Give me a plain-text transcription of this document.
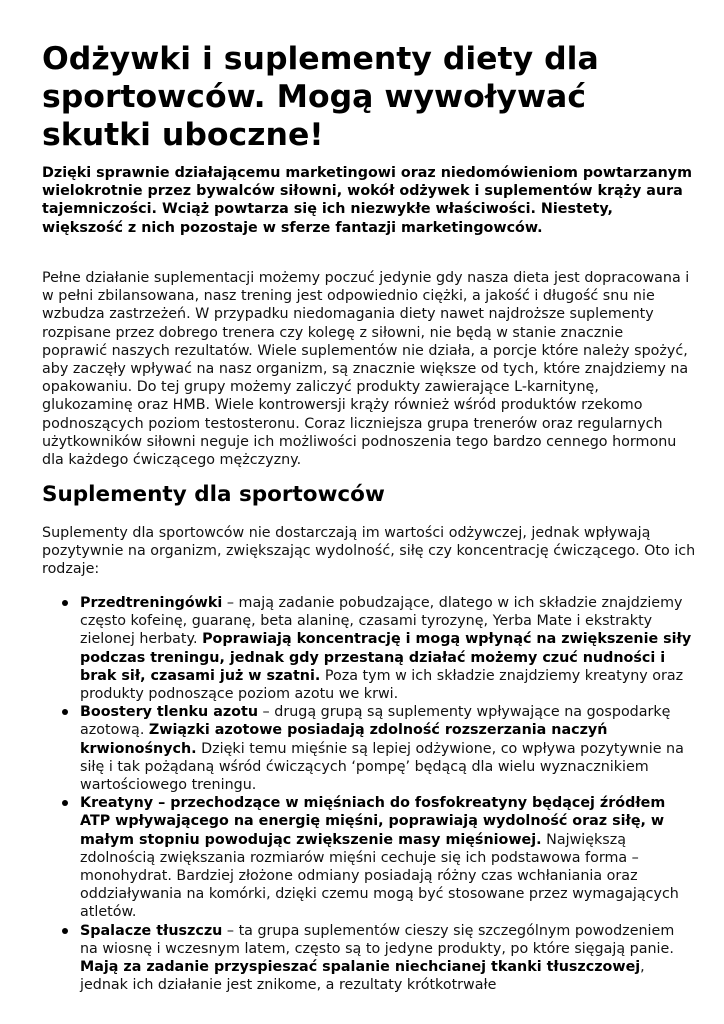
Odżywki i suplementy diety dla sportowców. Mogą wywoływać skutki uboczne!

Dzięki sprawnie działającemu marketingowi oraz niedomówieniom powtarzanym wielokrotnie przez bywalców siłowni, wokół odżywek i suplementów krąży aura tajemniczości. Wciąż powtarza się ich niezwykłe właściwości. Niestety, większość z nich pozostaje w sferze fantazji marketingowców.

Pełne działanie suplementacji możemy poczuć jedynie gdy nasza dieta jest dopracowana i w pełni zbilansowana, nasz trening jest odpowiednio ciężki, a jakość i długość snu nie wzbudza zastrzeżeń. W przypadku niedomagania diety nawet najdroższe suplementy rozpisane przez dobrego trenera czy kolegę z siłowni, nie będą w stanie znacznie poprawić naszych rezultatów. Wiele suplementów nie działa, a porcje które należy spożyć, aby zaczęły wpływać na nasz organizm, są znacznie większe od tych, które znajdziemy na opakowaniu. Do tej grupy możemy zaliczyć produkty zawierające L-karnitynę, glukozaminę oraz HMB. Wiele kontrowersji krąży również wśród produktów rzekomo podnoszących poziom testosteronu. Coraz liczniejsza grupa trenerów oraz regularnych użytkowników siłowni neguje ich możliwości podnoszenia tego bardzo cennego hormonu dla każdego ćwiczącego mężczyzny.

Suplementy dla sportowców

Suplementy dla sportowców nie dostarczają im wartości odżywczej, jednak wpływają pozytywnie na organizm, zwiększając wydolność, siłę czy koncentrację ćwiczącego. Oto ich rodzaje:

Przedtreningówki – mają zadanie pobudzające, dlatego w ich składzie znajdziemy często kofeinę, guaranę, beta alaninę, czasami tyrozynę, Yerba Mate i ekstrakty zielonej herbaty. Poprawiają koncentrację i mogą wpłynąć na zwiększenie siły podczas treningu, jednak gdy przestaną działać możemy czuć nudności i brak sił, czasami już w szatni. Poza tym w ich składzie znajdziemy kreatyny oraz produkty podnoszące poziom azotu we krwi.
Boostery tlenku azotu – drugą grupą są suplementy wpływające na gospodarkę azotową. Związki azotowe posiadają zdolność rozszerzania naczyń krwionośnych. Dzięki temu mięśnie są lepiej odżywione, co wpływa pozytywnie na siłę i tak pożądaną wśród ćwiczących ‘pompę’ będącą dla wielu wyznacznikiem wartościowego treningu.
Kreatyny – przechodzące w mięśniach do fosfokreatyny będącej źródłem ATP wpływającego na energię mięśni, poprawiają wydolność oraz siłę, w małym stopniu powodując zwiększenie masy mięśniowej. Największą zdolnością zwiększania rozmiarów mięśni cechuje się ich podstawowa forma – monohydrat. Bardziej złożone odmiany posiadają różny czas wchłaniania oraz oddziaływania na komórki, dzięki czemu mogą być stosowane przez wymagających atletów.
Spalacze tłuszczu – ta grupa suplementów cieszy się szczególnym powodzeniem na wiosnę i wczesnym latem, często są to jedyne produkty, po które sięgają panie. Mają za zadanie przyspieszać spalanie niechcianej tkanki tłuszczowej, jednak ich działanie jest znikome, a rezultaty krótkotrwałe
